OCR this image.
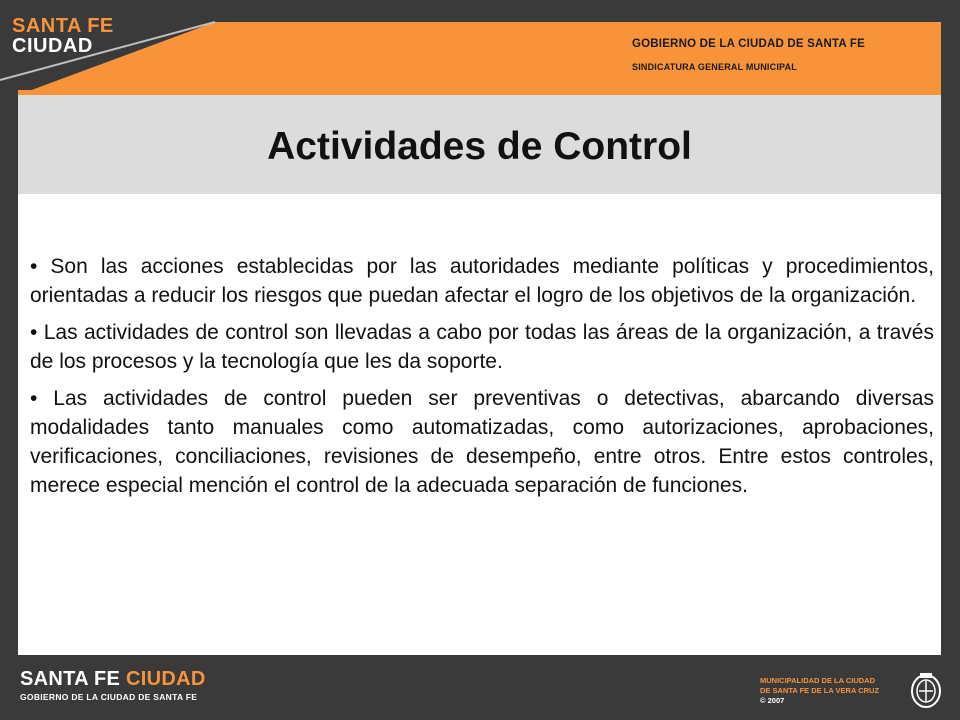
SANTA FE
CIUDAD	GOBIERNO DE LA CIUDAD DE SANTA FE
SINDICATURA GENERAL MUNICIPAL
Actividades de Control

• Son las acciones establecidas por las autoridades mediante políticas y procedimientos, orientadas a reducir los riesgos que puedan afectar el logro de los objetivos de la organización.

• Las actividades de control son llevadas a cabo por todas las áreas de la organización, a través de los procesos y la tecnología que les da soporte.

• Las actividades de control pueden ser preventivas o detectivas, abarcando diversas modalidades tanto manuales como automatizadas, como autorizaciones, aprobaciones, verificaciones, conciliaciones, revisiones de desempeño, entre otros. Entre estos controles, merece especial mención el control de la adecuada separación de funciones.

SANTA FE CIUDAD
GOBIERNO DE LA CIUDAD DE SANTA FE
MUNICIPALIDAD DE LA CIUDAD
DE SANTA FE DE LA VERA CRUZ
© 2007
